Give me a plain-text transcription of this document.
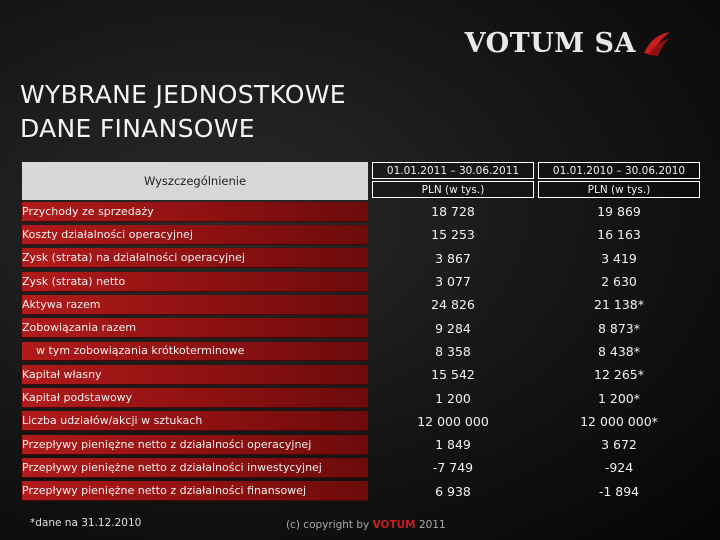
VOTUM SA
WYBRANE JEDNOSTKOWE
DANE FINANSOWE
Wyszczególnienie
01.01.2011 – 30.06.2011
PLN (w tys.)
01.01.2010 – 30.06.2010
PLN (w tys.)
Przychody ze sprzedaży	18 728	19 869
Koszty działalności operacyjnej	15 253	16 163
Zysk (strata) na działalności operacyjnej	3 867	3 419
Zysk (strata) netto	3 077	2 630
Aktywa razem	24 826	21 138*
Zobowiązania razem	9 284	8 873*
w tym zobowiązania krótkoterminowe	8 358	8 438*
Kapitał własny	15 542	12 265*
Kapitał podstawowy	1 200	1 200*
Liczba udziałów/akcji w sztukach	12 000 000	12 000 000*
Przepływy pieniężne netto z działalności operacyjnej	1 849	3 672
Przepływy pieniężne netto z działalności inwestycyjnej	-7 749	-924
Przepływy pieniężne netto z działalności finansowej	6 938	-1 894
*dane na 31.12.2010	(c) copyright by VOTUM 2011
